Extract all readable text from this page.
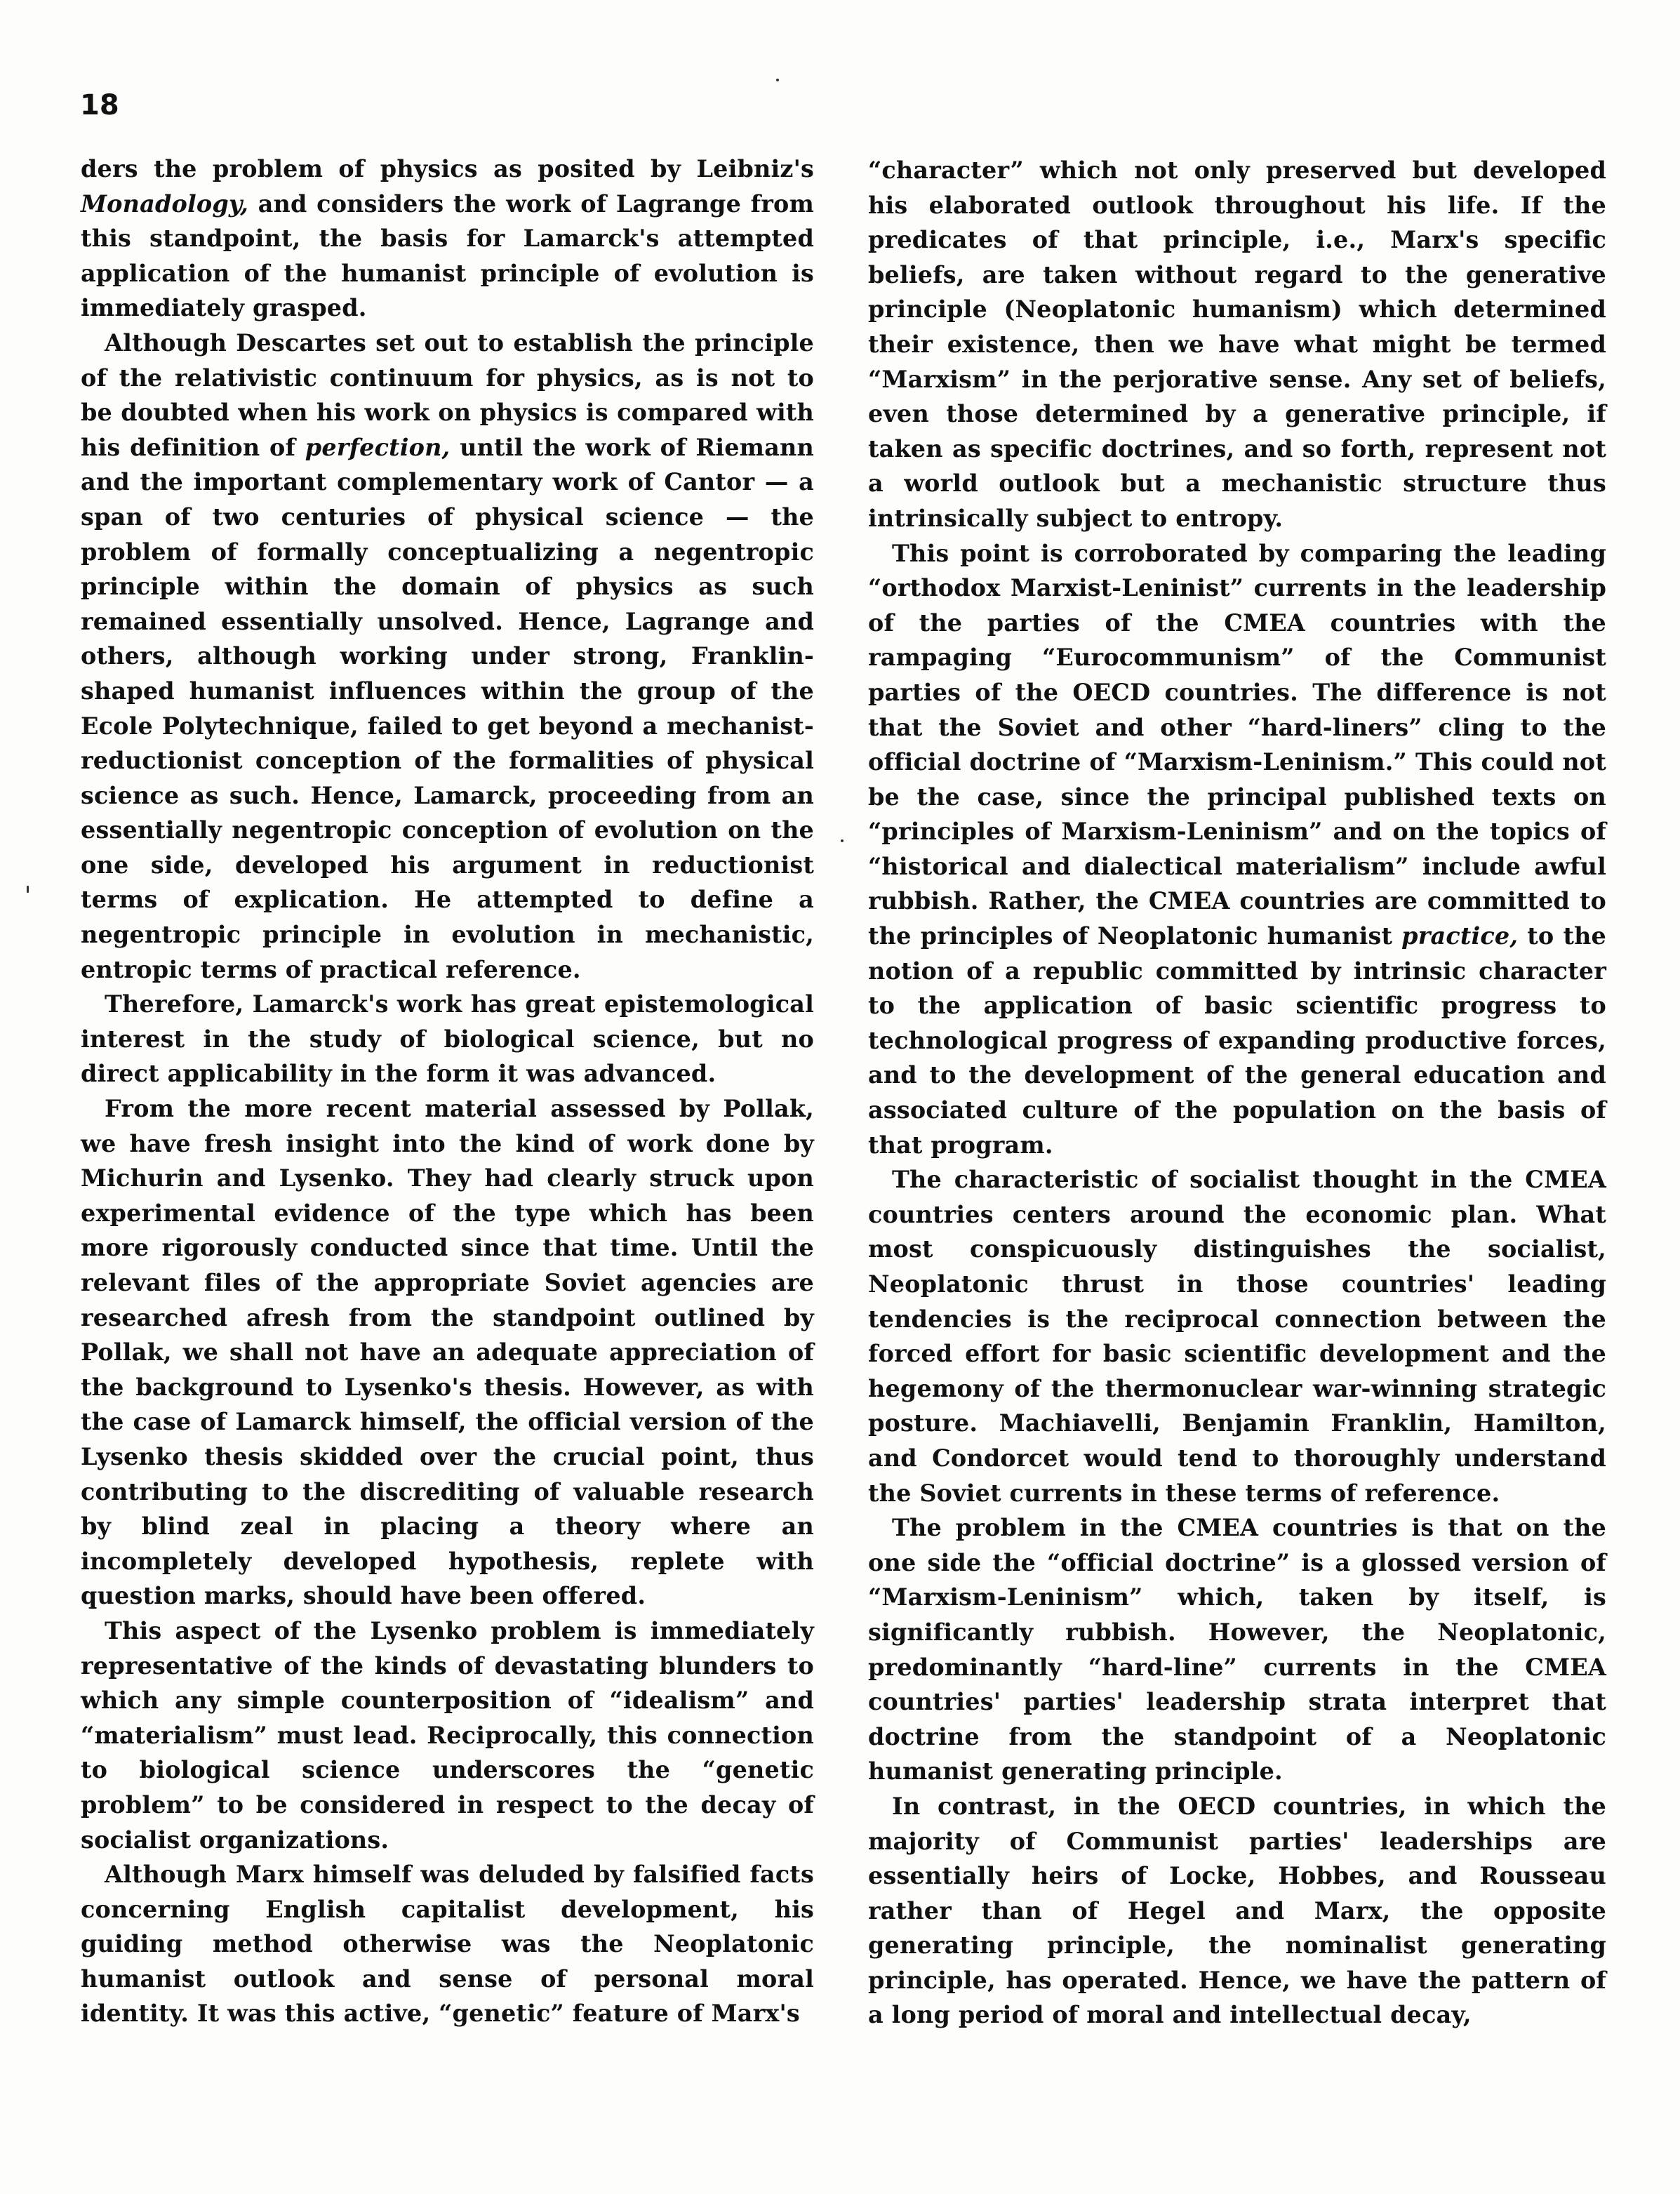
18

ders the problem of physics as posited by Leibniz's Monadology, and considers the work of Lagrange from this standpoint, the basis for Lamarck's attempted application of the humanist principle of evolution is immediately grasped.

Although Descartes set out to establish the principle of the relativistic continuum for physics, as is not to be doubted when his work on physics is compared with his definition of perfection, until the work of Riemann and the important complementary work of Cantor — a span of two centuries of physical science — the problem of formally conceptualizing a negentropic principle within the domain of physics as such remained essentially unsolved. Hence, Lagrange and others, although working under strong, Franklin-shaped humanist influences within the group of the Ecole Polytechnique, failed to get beyond a mechanist-reductionist conception of the formalities of physical science as such. Hence, Lamarck, proceeding from an essentially negentropic conception of evolution on the one side, developed his argument in reductionist terms of explication. He attempted to define a negentropic principle in evolution in mechanistic, entropic terms of practical reference.

Therefore, Lamarck's work has great epistemological interest in the study of biological science, but no direct applicability in the form it was advanced.

From the more recent material assessed by Pollak, we have fresh insight into the kind of work done by Michurin and Lysenko. They had clearly struck upon experimental evidence of the type which has been more rigorously conducted since that time. Until the relevant files of the appropriate Soviet agencies are researched afresh from the standpoint outlined by Pollak, we shall not have an adequate appreciation of the background to Lysenko's thesis. However, as with the case of Lamarck himself, the official version of the Lysenko thesis skidded over the crucial point, thus contributing to the discrediting of valuable research by blind zeal in placing a theory where an incompletely developed hypothesis, replete with question marks, should have been offered.

This aspect of the Lysenko problem is immediately representative of the kinds of devastating blunders to which any simple counterposition of “idealism” and “materialism” must lead. Reciprocally, this connection to biological science underscores the “genetic problem” to be considered in respect to the decay of socialist organizations.

Although Marx himself was deluded by falsified facts concerning English capitalist development, his guiding method otherwise was the Neoplatonic humanist outlook and sense of personal moral identity. It was this active, “genetic” feature of Marx's

“character” which not only preserved but developed his elaborated outlook throughout his life. If the predicates of that principle, i.e., Marx's specific beliefs, are taken without regard to the generative principle (Neoplatonic humanism) which determined their existence, then we have what might be termed “Marxism” in the perjorative sense. Any set of beliefs, even those determined by a generative principle, if taken as specific doctrines, and so forth, represent not a world outlook but a mechanistic structure thus intrinsically subject to entropy.

This point is corroborated by comparing the leading “orthodox Marxist-Leninist” currents in the leadership of the parties of the CMEA countries with the rampaging “Eurocommunism” of the Communist parties of the OECD countries. The difference is not that the Soviet and other “hard-liners” cling to the official doctrine of “Marxism-Leninism.” This could not be the case, since the principal published texts on “principles of Marxism-Leninism” and on the topics of “historical and dialectical materialism” include awful rubbish. Rather, the CMEA countries are committed to the principles of Neoplatonic humanist practice, to the notion of a republic committed by intrinsic character to the application of basic scientific progress to technological progress of expanding productive forces, and to the development of the general education and associated culture of the population on the basis of that program.

The characteristic of socialist thought in the CMEA countries centers around the economic plan. What most conspicuously distinguishes the socialist, Neoplatonic thrust in those countries' leading tendencies is the reciprocal connection between the forced effort for basic scientific development and the hegemony of the thermonuclear war-winning strategic posture. Machiavelli, Benjamin Franklin, Hamilton, and Condorcet would tend to thoroughly understand the Soviet currents in these terms of reference.

The problem in the CMEA countries is that on the one side the “official doctrine” is a glossed version of “Marxism-Leninism” which, taken by itself, is significantly rubbish. However, the Neoplatonic, predominantly “hard-line” currents in the CMEA countries' parties' leadership strata interpret that doctrine from the standpoint of a Neoplatonic humanist generating principle.

In contrast, in the OECD countries, in which the majority of Communist parties' leaderships are essentially heirs of Locke, Hobbes, and Rousseau rather than of Hegel and Marx, the opposite generating principle, the nominalist generating principle, has operated. Hence, we have the pattern of a long period of moral and intellectual decay,
